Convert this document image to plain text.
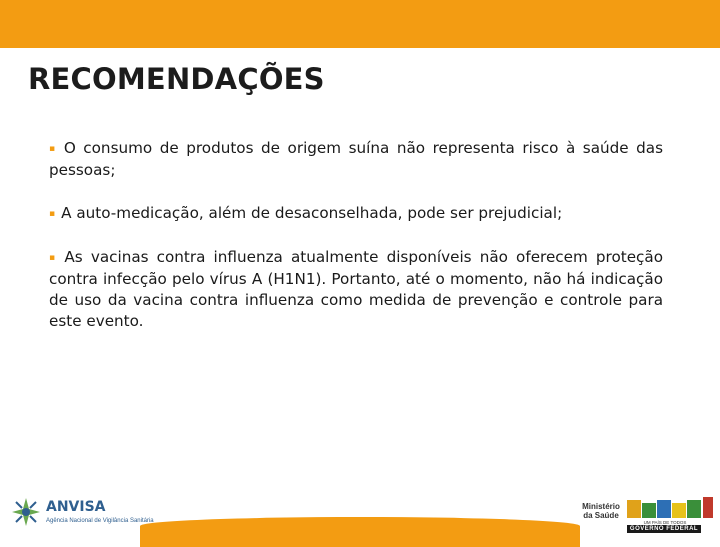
RECOMENDAÇÕES

▪ O consumo de produtos de origem suína não representa risco à saúde das pessoas;

▪ A auto-medicação, além de desaconselhada, pode ser prejudicial;

▪ As vacinas contra influenza atualmente disponíveis não oferecem proteção contra infecção pelo vírus A (H1N1). Portanto, até o momento, não há indicação de uso da vacina contra influenza como medida de prevenção e controle para este evento.

ANVISA
Agência Nacional de Vigilância Sanitária
Ministério
da Saúde
UM PAÍS DE TODOS
GOVERNO FEDERAL
